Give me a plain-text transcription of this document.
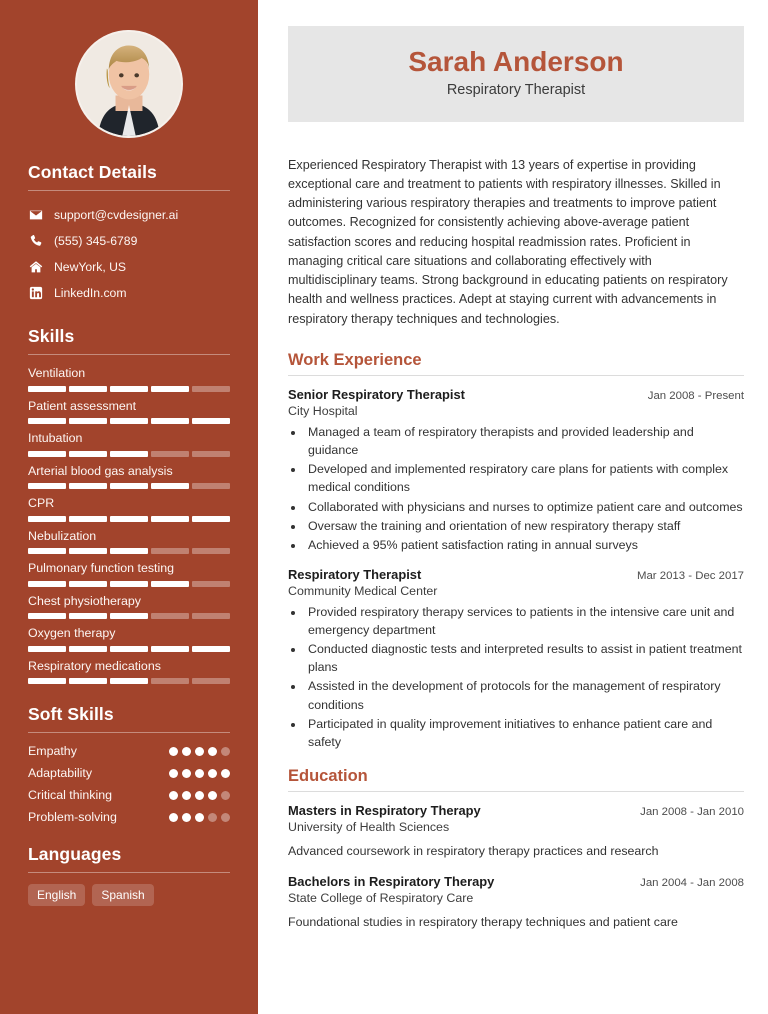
Contact Details
support@cvdesigner.ai
(555) 345-6789
NewYork, US
LinkedIn.com
Skills
Ventilation
Patient assessment
Intubation
Arterial blood gas analysis
CPR
Nebulization
Pulmonary function testing
Chest physiotherapy
Oxygen therapy
Respiratory medications
Soft Skills
Empathy
Adaptability
Critical thinking
Problem-solving
Languages
English	Spanish
Sarah Anderson
Respiratory Therapist

Experienced Respiratory Therapist with 13 years of expertise in providing exceptional care and treatment to patients with respiratory illnesses. Skilled in administering various respiratory therapies and treatments to improve patient outcomes. Recognized for consistently achieving above-average patient satisfaction scores and reducing hospital readmission rates. Proficient in managing critical care situations and collaborating effectively with multidisciplinary teams. Strong background in educating patients on respiratory health and wellness practices. Adept at staying current with advancements in respiratory therapy techniques and technologies.

Work Experience
Senior Respiratory Therapist	Jan 2008 - Present
City Hospital
• Managed a team of respiratory therapists and provided leadership and guidance
• Developed and implemented respiratory care plans for patients with complex medical conditions
• Collaborated with physicians and nurses to optimize patient care and outcomes
• Oversaw the training and orientation of new respiratory therapy staff
• Achieved a 95% patient satisfaction rating in annual surveys
Respiratory Therapist	Mar 2013 - Dec 2017
Community Medical Center
• Provided respiratory therapy services to patients in the intensive care unit and emergency department
• Conducted diagnostic tests and interpreted results to assist in patient treatment plans
• Assisted in the development of protocols for the management of respiratory conditions
• Participated in quality improvement initiatives to enhance patient care and safety
Education
Masters in Respiratory Therapy	Jan 2008 - Jan 2010
University of Health Sciences
Advanced coursework in respiratory therapy practices and research
Bachelors in Respiratory Therapy	Jan 2004 - Jan 2008
State College of Respiratory Care
Foundational studies in respiratory therapy techniques and patient care
